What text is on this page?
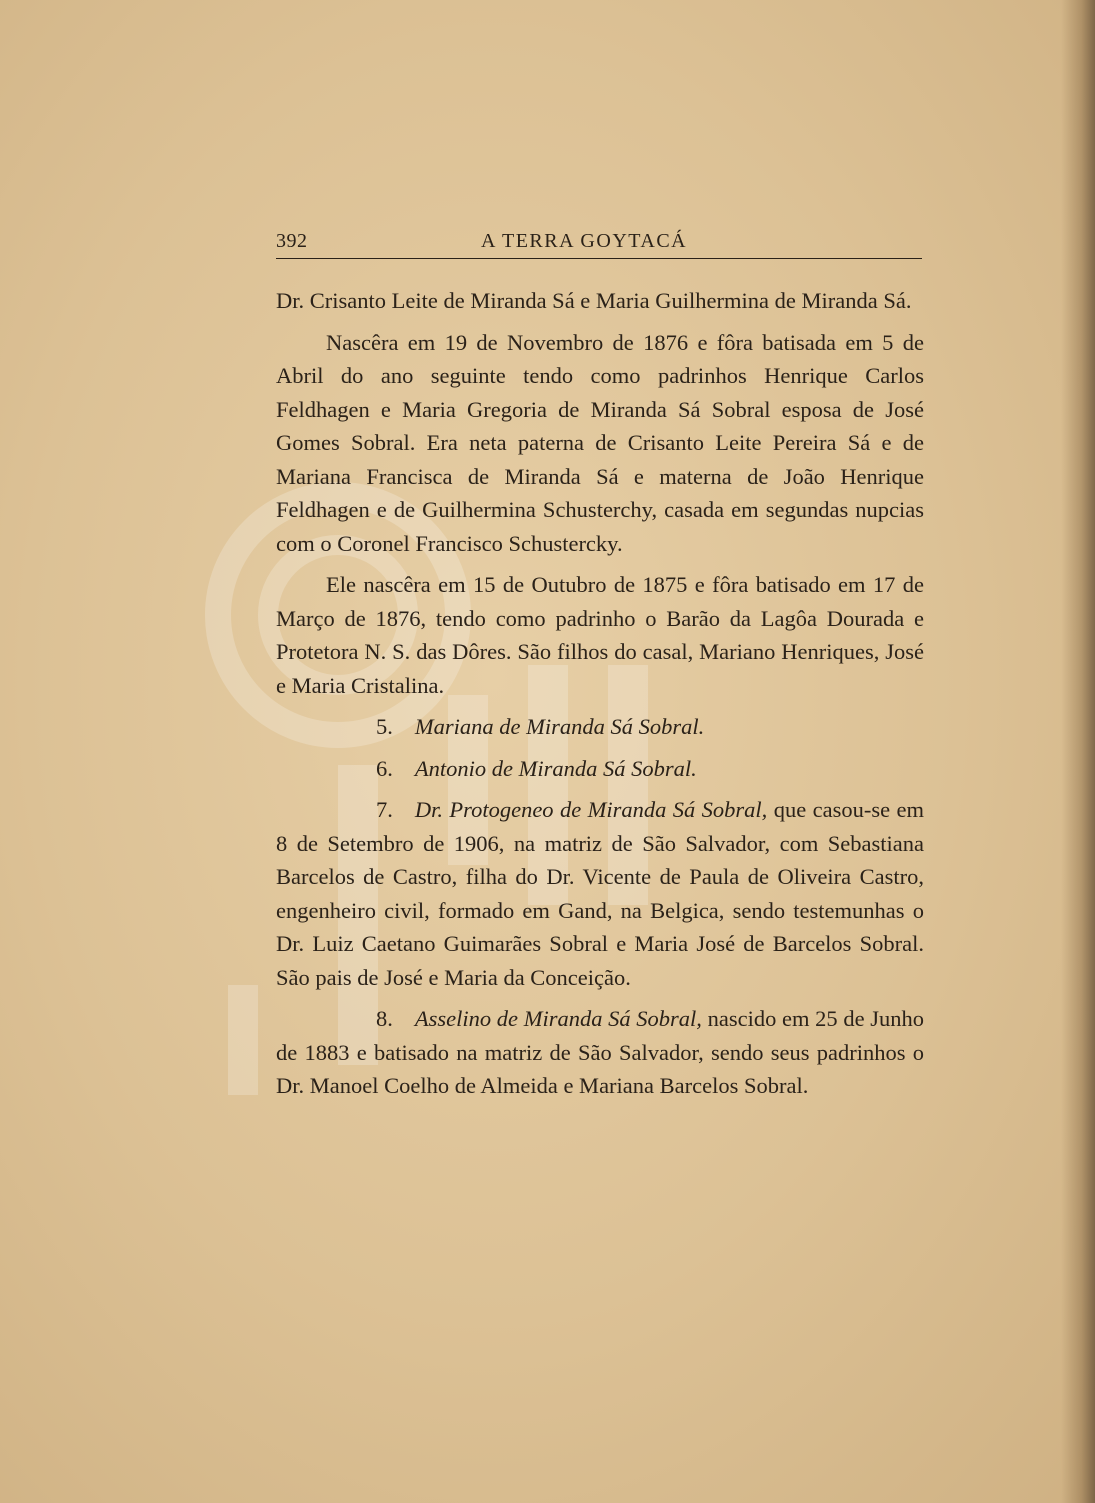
392	A TERRA GOYTACÁ

Dr. Crisanto Leite de Miranda Sá e Maria Guilhermina de Miranda Sá.

Nascêra em 19 de Novembro de 1876 e fôra batisada em 5 de Abril do ano seguinte tendo como padrinhos Henrique Carlos Feldhagen e Maria Gregoria de Miranda Sá Sobral esposa de José Gomes Sobral. Era neta paterna de Crisanto Leite Pereira Sá e de Mariana Francisca de Miranda Sá e materna de João Henrique Feldhagen e de Guilhermina Schusterchy, casada em segundas nupcias com o Coronel Francisco Schustercky.

Ele nascêra em 15 de Outubro de 1875 e fôra batisado em 17 de Março de 1876, tendo como padrinho o Barão da Lagôa Dourada e Protetora N. S. das Dôres. São filhos do casal, Mariano Henriques, José e Maria Cristalina.

5. Mariana de Miranda Sá Sobral.

6. Antonio de Miranda Sá Sobral.

7. Dr. Protogeneo de Miranda Sá Sobral, que casou-se em 8 de Setembro de 1906, na matriz de São Salvador, com Sebastiana Barcelos de Castro, filha do Dr. Vicente de Paula de Oliveira Castro, engenheiro civil, formado em Gand, na Belgica, sendo testemunhas o Dr. Luiz Caetano Guimarães Sobral e Maria José de Barcelos Sobral. São pais de José e Maria da Conceição.

8. Asselino de Miranda Sá Sobral, nascido em 25 de Junho de 1883 e batisado na matriz de São Salvador, sendo seus padrinhos o Dr. Manoel Coelho de Almeida e Mariana Barcelos Sobral.
